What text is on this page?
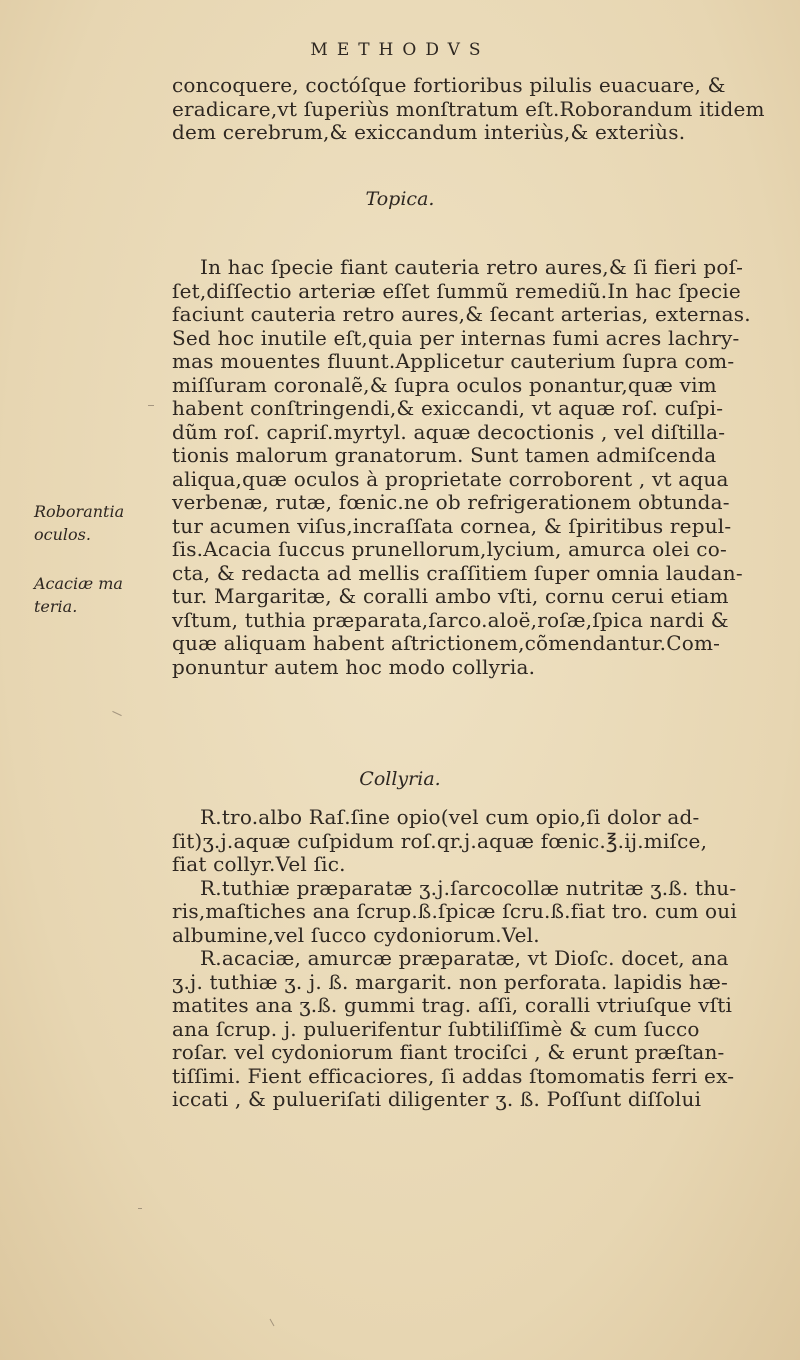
METHODVS
concoquere, coctóſque fortioribus pilulis euacuare, &
eradicare,vt ſuperiùs monſtratum eſt.Roborandum itidem
dem cerebrum,& exiccandum interiùs,& exteriùs.
Topica.
In hac ſpecie fiant cauteria retro aures,& ſi fieri poſ-
ſet,diſſectio arteriæ eſſet ſummũ remediũ.In hac ſpecie
faciunt cauteria retro aures,& ſecant arterias, externas.
Sed hoc inutile eſt,quia per internas fumi acres lachry-
mas mouentes fluunt.Applicetur cauterium ſupra com-
miſſuram coronalẽ,& ſupra oculos ponantur,quæ vim
habent conſtringendi,& exiccandi, vt aquæ roſ. cuſpi-
dũm roſ. capriſ.myrtyl. aquæ decoctionis , vel diſtilla-
tionis malorum granatorum. Sunt tamen admiſcenda
aliqua,quæ oculos à proprietate corroborent , vt aqua
verbenæ, rutæ, fœnic.ne ob refrigerationem obtunda-
tur acumen viſus,incraſſata cornea, & ſpiritibus repul-
ſis.Acacia ſuccus prunellorum,lycium, amurca olei co-
cta, & redacta ad mellis craſſitiem ſuper omnia laudan-
tur. Margaritæ, & coralli ambo vſti, cornu cerui etiam
vſtum, tuthia præparata,ſarco.aloë,roſæ,ſpica nardi &
quæ aliquam habent aſtrictionem,cõmendantur.Com-
ponuntur autem hoc modo collyria.
Roborantia
oculos.
Acaciæ ma
teria.
Collyria.
R.tro.albo Raſ.ſine opio(vel cum opio,ſi dolor ad-
ſit)ʒ.j.aquæ cuſpidum roſ.qr.j.aquæ fœnic.℥.ij.miſce,
fiat collyr.Vel ſic.
R.tuthiæ præparatæ ʒ.j.ſarcocollæ nutritæ ʒ.ß. thu-
ris,maſtiches ana ſcrup.ß.ſpicæ ſcru.ß.fiat tro. cum oui
albumine,vel ſucco cydoniorum.Vel.
R.acaciæ, amurcæ præparatæ, vt Dioſc. docet, ana
ʒ.j. tuthiæ ʒ. j. ß. margarit. non perforata. lapidis hæ-
matites ana ʒ.ß. gummi trag. aſſi, coralli vtriuſque vſti
ana ſcrup. j. puluerifentur ſubtiliſſimè & cum ſucco
roſar. vel cydoniorum fiant trociſci , & erunt præſtan-
tiſſimi. Fient efficaciores, ſi addas ſtomomatis ferri ex-
iccati , & pulueriſati diligenter ʒ. ß. Poſſunt diſſolui
